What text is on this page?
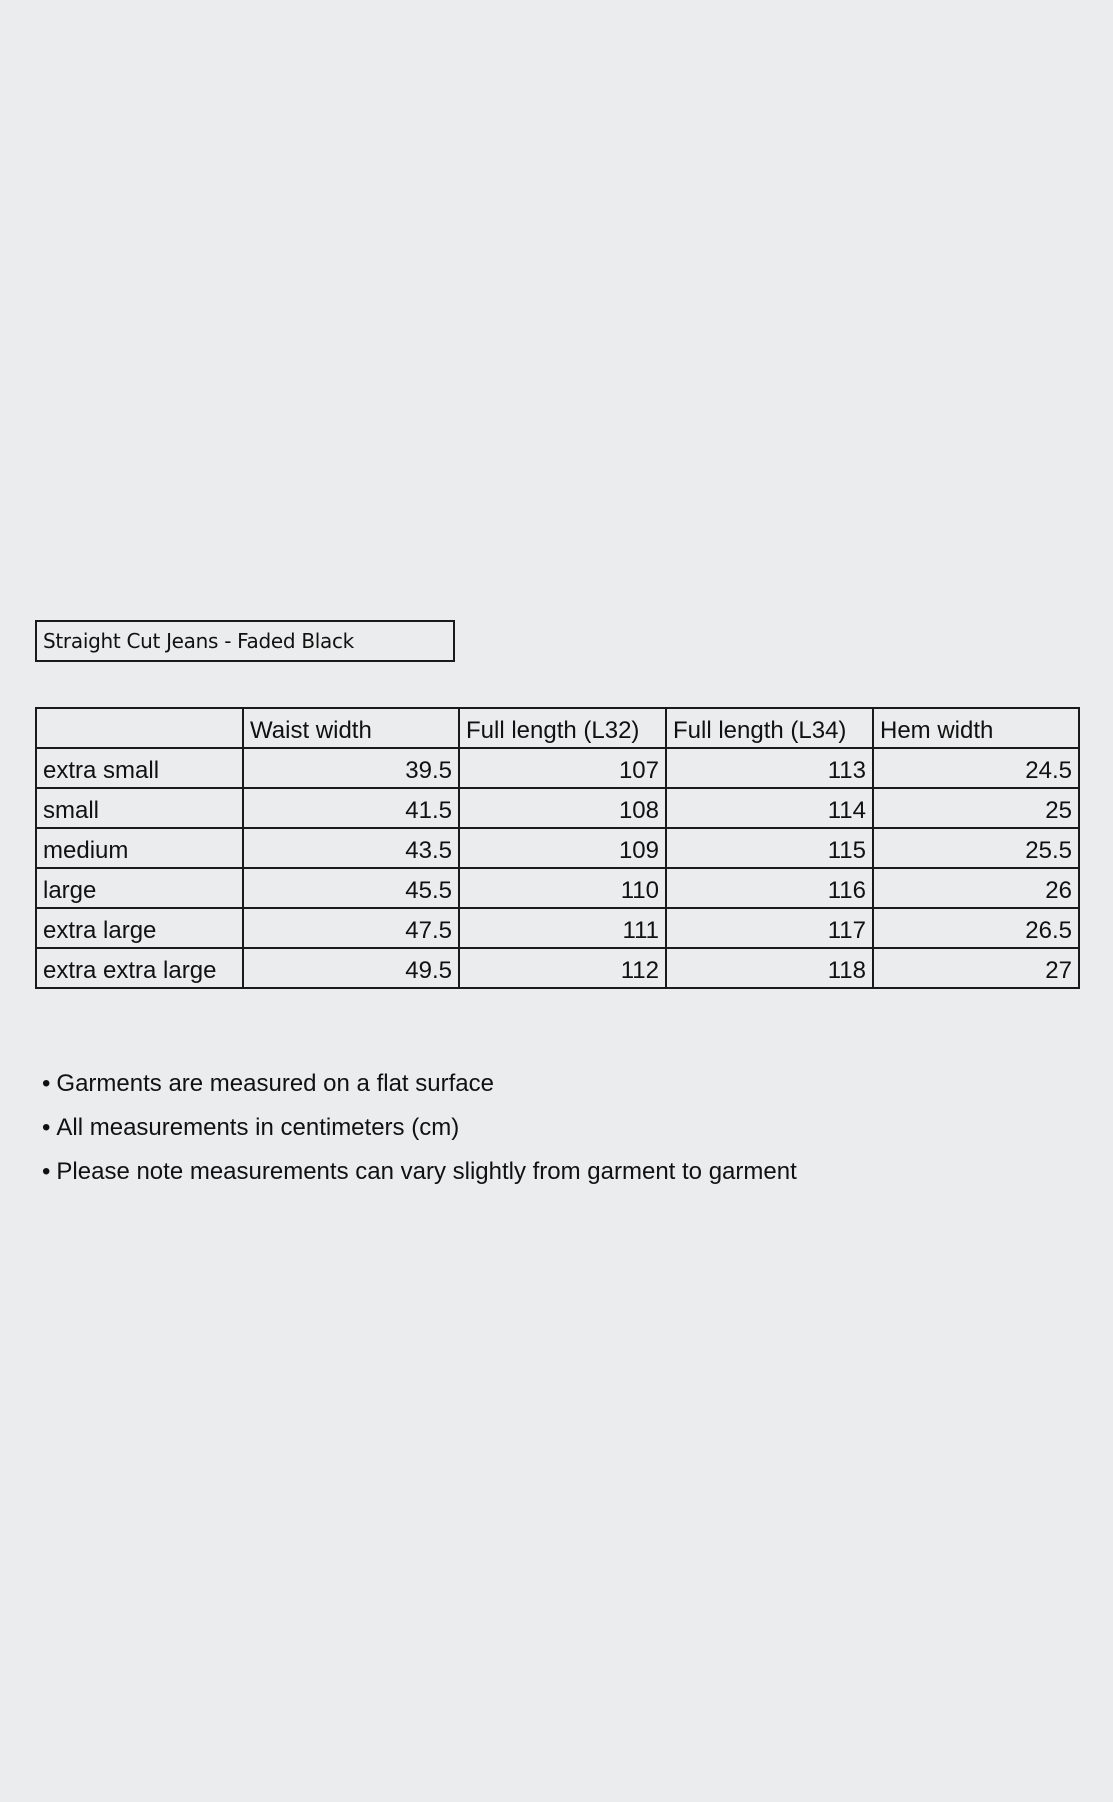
Straight Cut Jeans - Faded Black
	Waist width	Full length (L32)	Full length (L34)	Hem width
extra small	39.5	107	113	24.5
small	41.5	108	114	25
medium	43.5	109	115	25.5
large	45.5	110	116	26
extra large	47.5	111	117	26.5
extra extra large	49.5	112	118	27
• Garments are measured on a flat surface
• All measurements in centimeters (cm)
• Please note measurements can vary slightly from garment to garment
